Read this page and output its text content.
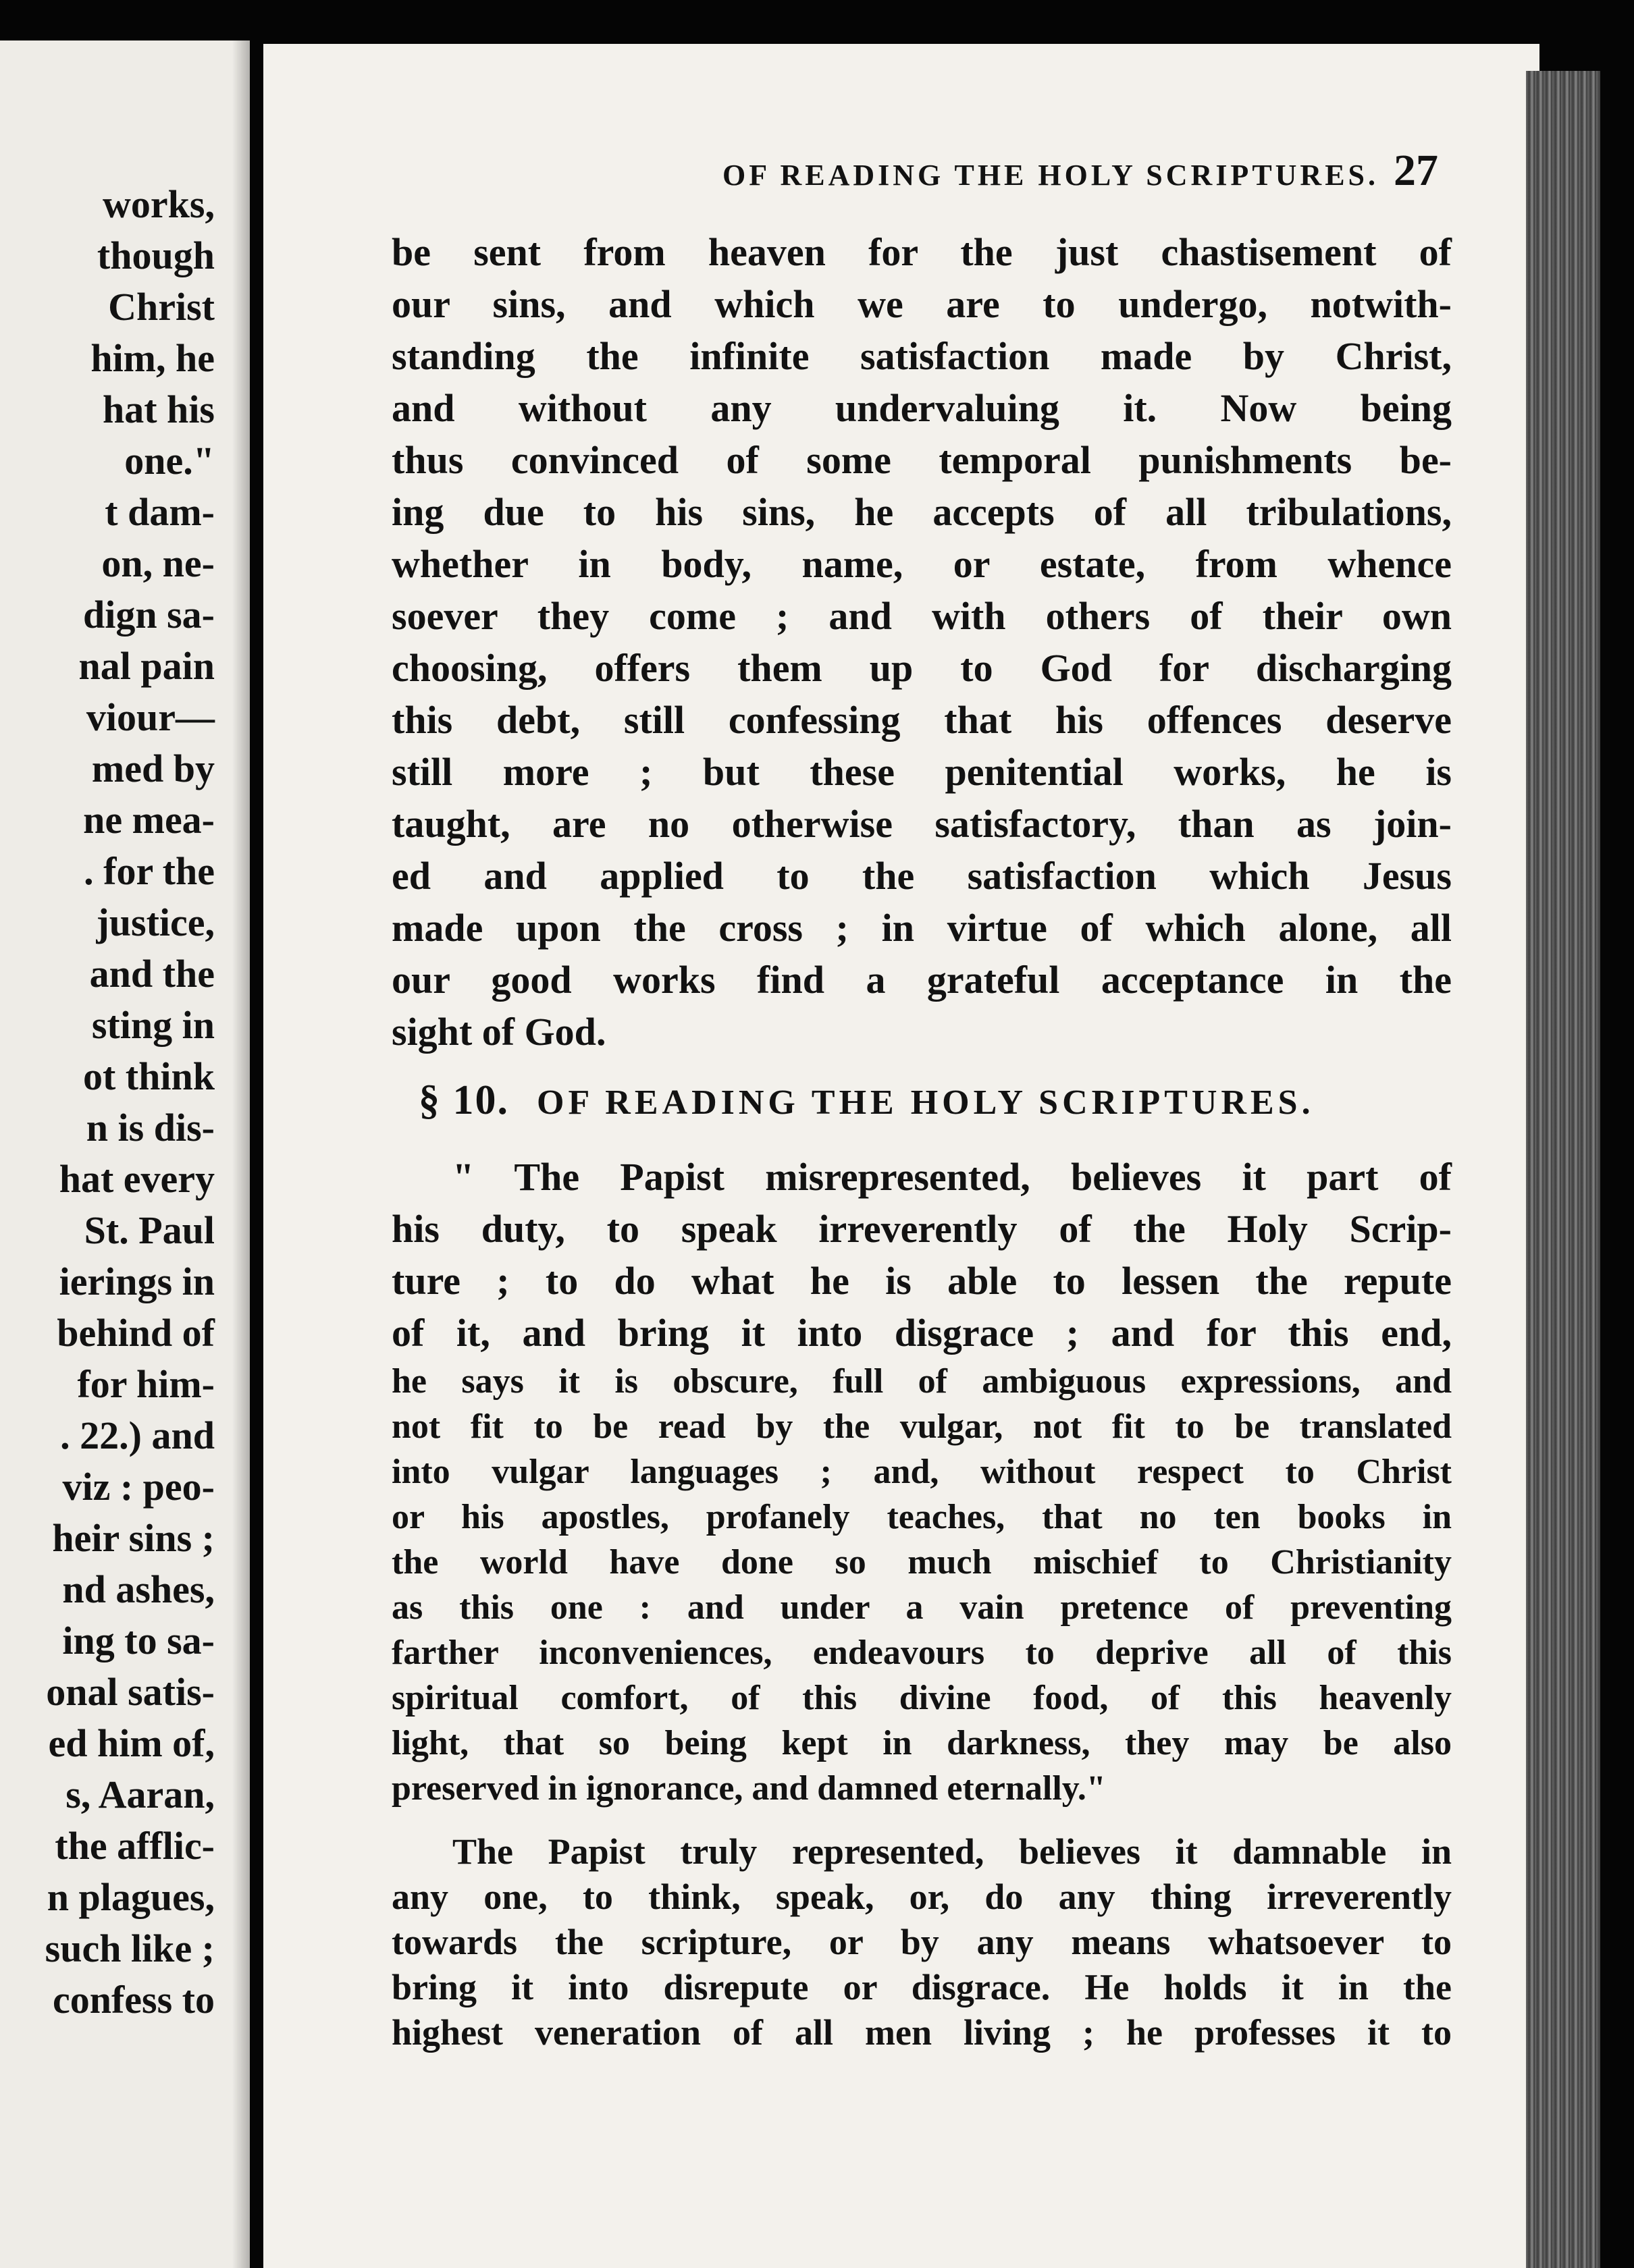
works,
though
Christ
him, he
hat his
one."
t dam-
on, ne-
dign sa-
nal pain
viour—
med by
ne mea-
. for the
justice,
and the
sting in
ot think
n is dis-
hat every
St. Paul
ierings in
behind of
for him-
. 22.) and
viz : peo-
heir sins ;
nd ashes,
ing to sa-
onal satis-
ed him of,
s, Aaran,
the afflic-
n plagues,
such like ;
confess to
OF READING THE HOLY SCRIPTURES. 27
be sent from heaven for the just chastisement of
our sins, and which we are to undergo, notwith-
standing the infinite satisfaction made by Christ,
and without any undervaluing it. Now being
thus convinced of some temporal punishments be-
ing due to his sins, he accepts of all tribulations,
whether in body, name, or estate, from whence
soever they come ; and with others of their own
choosing, offers them up to God for discharging
this debt, still confessing that his offences deserve
still more ; but these penitential works, he is
taught, are no otherwise satisfactory, than as join-
ed and applied to the satisfaction which Jesus
made upon the cross ; in virtue of which alone, all
our good works find a grateful acceptance in the
sight of God.
§ 10. OF READING THE HOLY SCRIPTURES.
" The Papist misrepresented, believes it part of
his duty, to speak irreverently of the Holy Scrip-
ture ; to do what he is able to lessen the repute
of it, and bring it into disgrace ; and for this end,
he says it is obscure, full of ambiguous expressions, and
not fit to be read by the vulgar, not fit to be translated
into vulgar languages ; and, without respect to Christ
or his apostles, profanely teaches, that no ten books in
the world have done so much mischief to Christianity
as this one : and under a vain pretence of preventing
farther inconveniences, endeavours to deprive all of this
spiritual comfort, of this divine food, of this heavenly
light, that so being kept in darkness, they may be also
preserved in ignorance, and damned eternally."
The Papist truly represented, believes it damnable in
any one, to think, speak, or, do any thing irreverently
towards the scripture, or by any means whatsoever to
bring it into disrepute or disgrace. He holds it in the
highest veneration of all men living ; he professes it to
